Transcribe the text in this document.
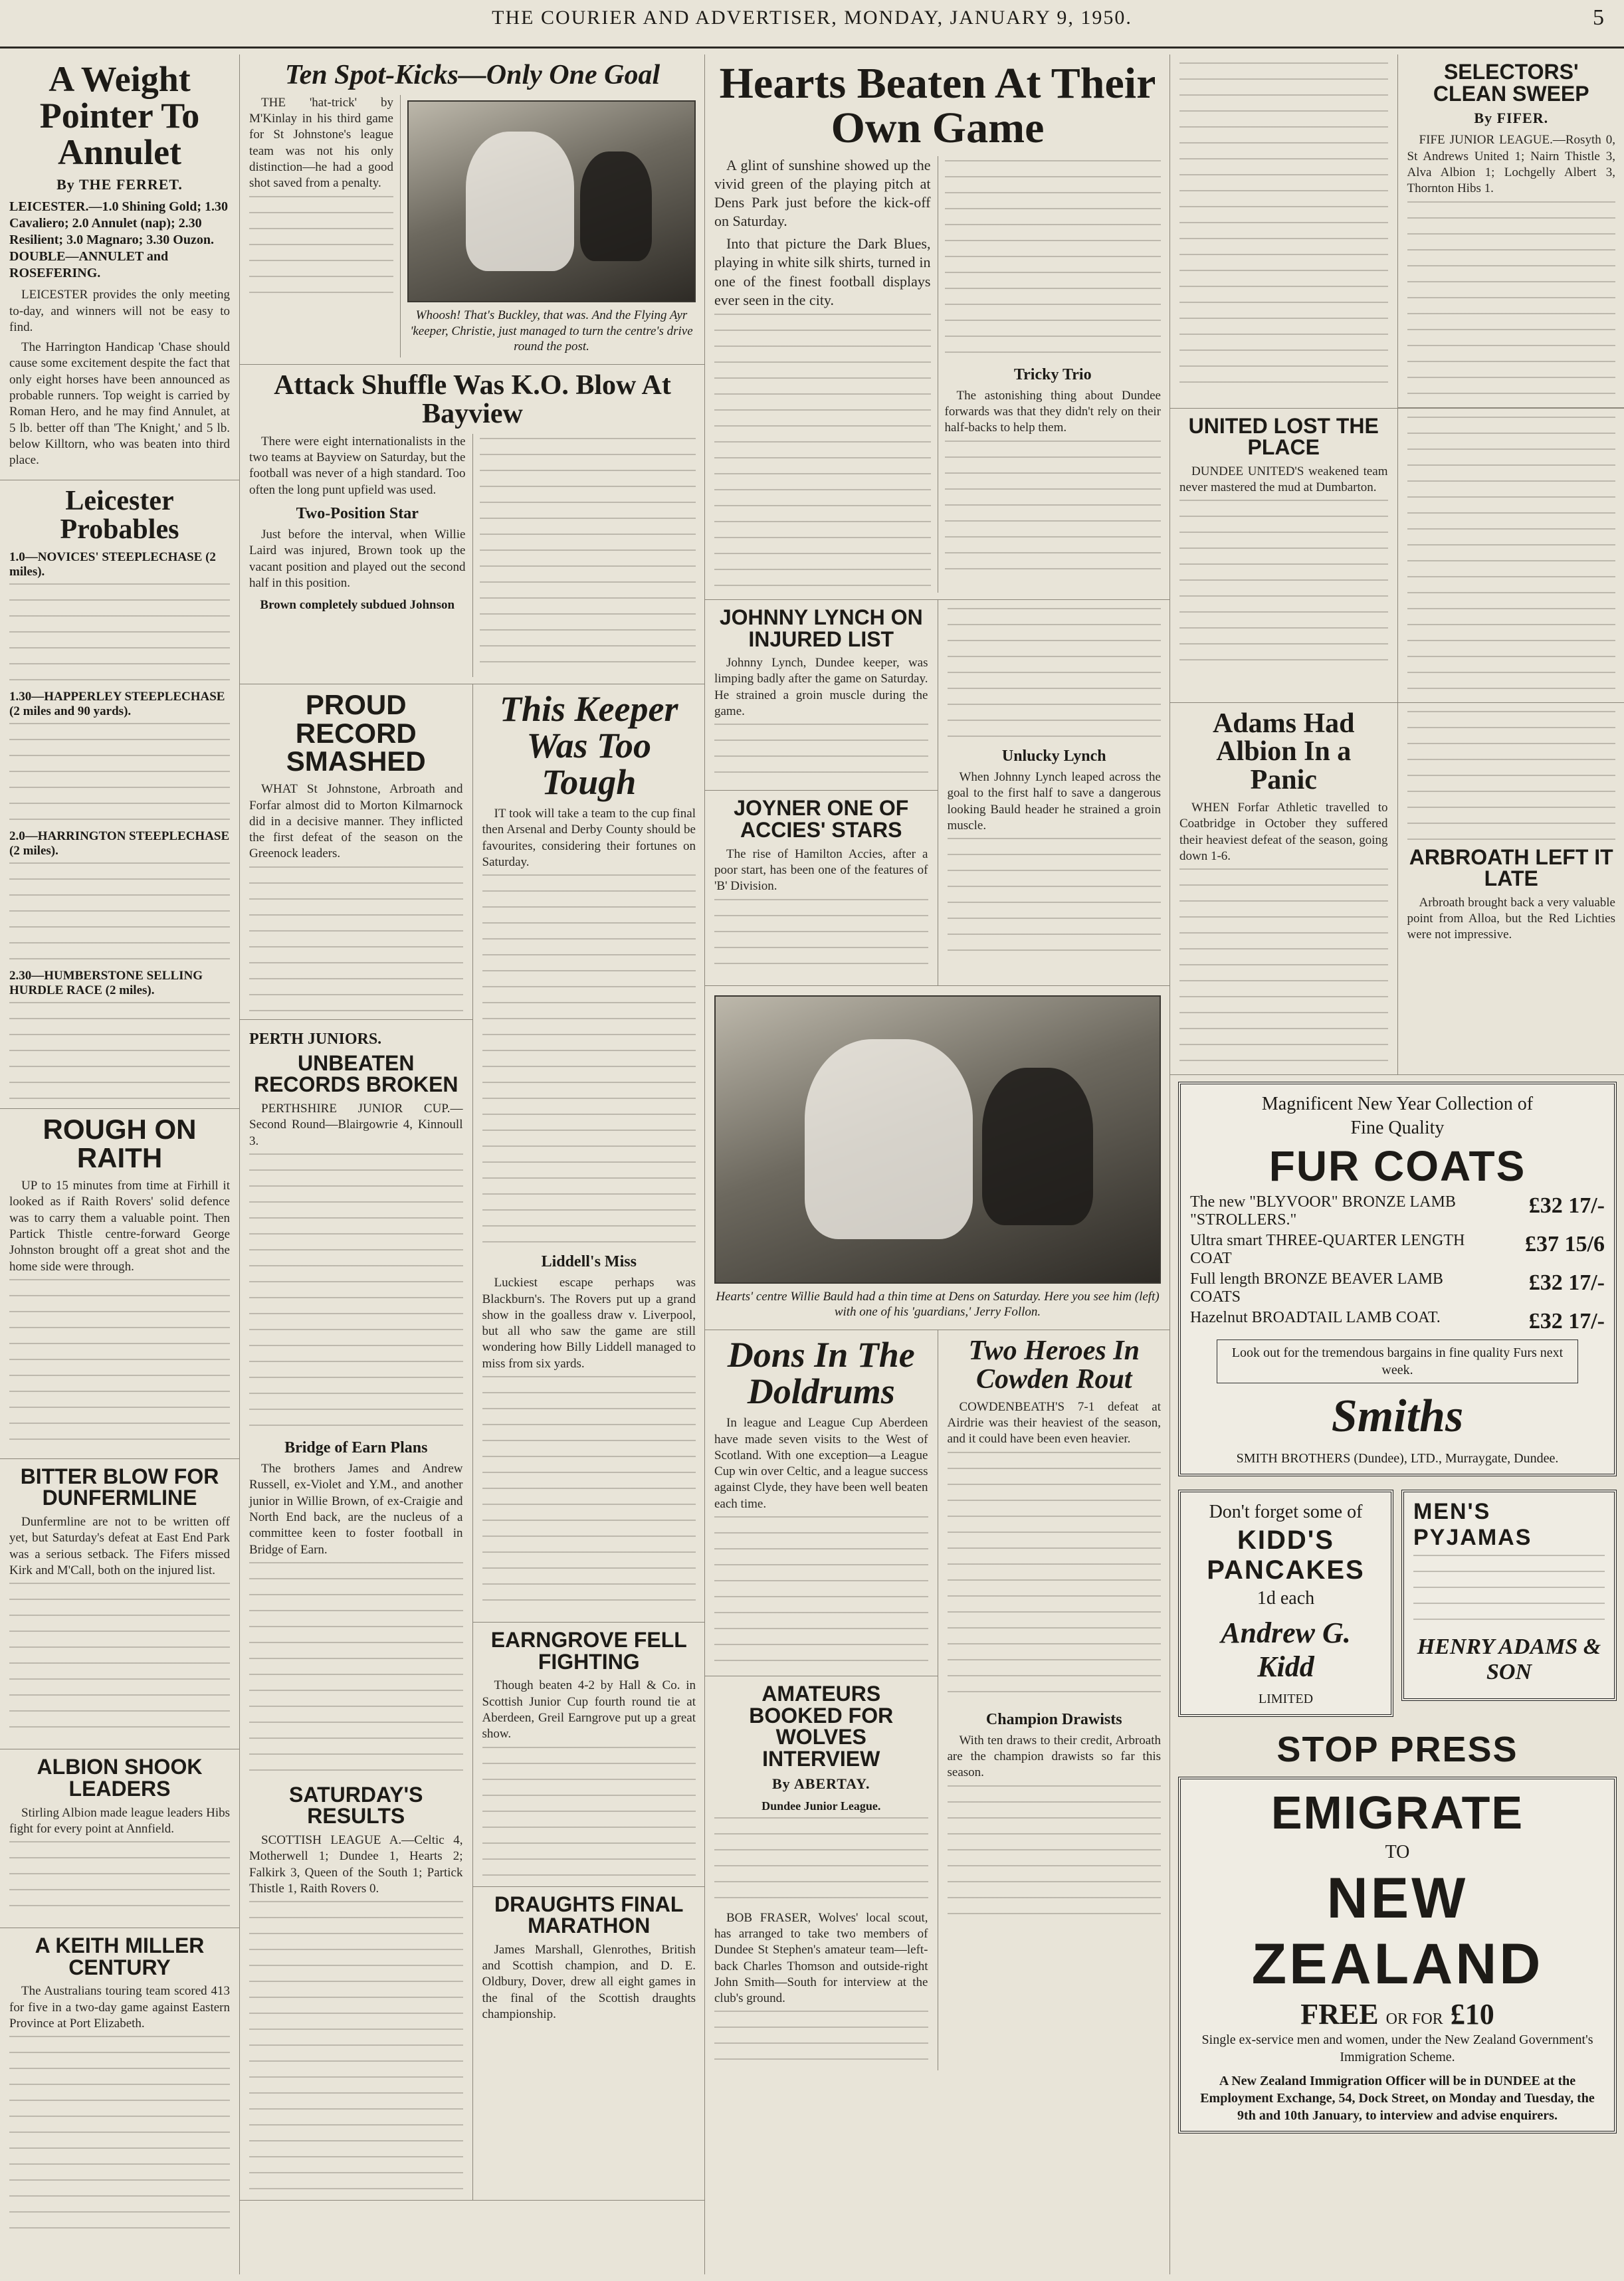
THE COURIER AND ADVERTISER, MONDAY, JANUARY 9, 1950.	5
A Weight Pointer To Annulet
By THE FERRET.
LEICESTER.—1.0 Shining Gold; 1.30 Cavaliero; 2.0 Annulet (nap); 2.30 Resilient; 3.0 Magnaro; 3.30 Ouzon. DOUBLE—ANNULET and ROSEFERING.

LEICESTER provides the only meeting to-day, and winners will not be easy to find.

The Harrington Handicap 'Chase should cause some excitement despite the fact that only eight horses have been announced as probable runners. Top weight is carried by Roman Hero, and he may find Annulet, at 5 lb. better off than 'The Knight,' and 5 lb. below Killtorn, who was beaten into third place.

Leicester Probables
1.0—NOVICES' STEEPLECHASE (2 miles).
1.30—HAPPERLEY STEEPLECHASE (2 miles and 90 yards).
2.0—HARRINGTON STEEPLECHASE (2 miles).
2.30—HUMBERSTONE SELLING HURDLE RACE (2 miles).
ROUGH ON RAITH

UP to 15 minutes from time at Firhill it looked as if Raith Rovers' solid defence was to carry them a valuable point. Then Partick Thistle centre-forward George Johnston brought off a great shot and the home side were through.

BITTER BLOW FOR DUNFERMLINE

Dunfermline are not to be written off yet, but Saturday's defeat at East End Park was a serious setback. The Fifers missed Kirk and M'Call, both on the injured list.

ALBION SHOOK LEADERS

Stirling Albion made league leaders Hibs fight for every point at Annfield.

A KEITH MILLER CENTURY

The Australians touring team scored 413 for five in a two-day game against Eastern Province at Port Elizabeth.

Ten Spot-Kicks—Only One Goal

THE 'hat-trick' by M'Kinlay in his third game for St Johnstone's league team was not his only distinction—he had a good shot saved from a penalty.

Whoosh! That's Buckley, that was. And the Flying Ayr 'keeper, Christie, just managed to turn the centre's drive round the post.
Attack Shuffle Was K.O. Blow At Bayview

There were eight internationalists in the two teams at Bayview on Saturday, but the football was never of a high standard. Too often the long punt upfield was used.

Two-Position Star

Just before the interval, when Willie Laird was injured, Brown took up the vacant position and played out the second half in this position.

Brown completely subdued Johnson
PROUD RECORD SMASHED

WHAT St Johnstone, Arbroath and Forfar almost did to Morton Kilmarnock did in a decisive manner. They inflicted the first defeat of the season on the Greenock leaders.

PERTH JUNIORS.
UNBEATEN RECORDS BROKEN

PERTHSHIRE JUNIOR CUP.—Second Round—Blairgowrie 4, Kinnoull 3.

Bridge of Earn Plans

The brothers James and Andrew Russell, ex-Violet and Y.M., and another junior in Willie Brown, of ex-Craigie and North End back, are the nucleus of a committee keen to foster football in Bridge of Earn.

SATURDAY'S RESULTS

SCOTTISH LEAGUE A.—Celtic 4, Motherwell 1; Dundee 1, Hearts 2; Falkirk 3, Queen of the South 1; Partick Thistle 1, Raith Rovers 0.

This Keeper Was Too Tough

IT took will take a team to the cup final then Arsenal and Derby County should be favourites, considering their fortunes on Saturday.

Liddell's Miss

Luckiest escape perhaps was Blackburn's. The Rovers put up a grand show in the goalless draw v. Liverpool, but all who saw the game are still wondering how Billy Liddell managed to miss from six yards.

EARNGROVE FELL FIGHTING

Though beaten 4-2 by Hall & Co. in Scottish Junior Cup fourth round tie at Aberdeen, Greil Earngrove put up a great show.

DRAUGHTS FINAL MARATHON

James Marshall, Glenrothes, British and Scottish champion, and D. E. Oldbury, Dover, drew all eight games in the final of the Scottish draughts championship.

Hearts Beaten At Their Own Game

A glint of sunshine showed up the vivid green of the playing pitch at Dens Park just before the kick-off on Saturday.

Into that picture the Dark Blues, playing in white silk shirts, turned in one of the finest football displays ever seen in the city.

Tricky Trio

The astonishing thing about Dundee forwards was that they didn't rely on their half-backs to help them.

JOHNNY LYNCH ON INJURED LIST

Johnny Lynch, Dundee keeper, was limping badly after the game on Saturday. He strained a groin muscle during the game.

JOYNER ONE OF ACCIES' STARS

The rise of Hamilton Accies, after a poor start, has been one of the features of 'B' Division.

Unlucky Lynch

When Johnny Lynch leaped across the goal to the first half to save a dangerous looking Bauld header he strained a groin muscle.

Hearts' centre Willie Bauld had a thin time at Dens on Saturday. Here you see him (left) with one of his 'guardians,' Jerry Follon.
Dons In The Doldrums

In league and League Cup Aberdeen have made seven visits to the West of Scotland. With one exception—a League Cup win over Celtic, and a league success against Clyde, they have been well beaten each time.

AMATEURS BOOKED FOR WOLVES INTERVIEW
By ABERTAY.
Dundee Junior League.

BOB FRASER, Wolves' local scout, has arranged to take two members of Dundee St Stephen's amateur team—left-back Charles Thomson and outside-right John Smith—South for interview at the club's ground.

Two Heroes In Cowden Rout

COWDENBEATH'S 7-1 defeat at Airdrie was their heaviest of the season, and it could have been even heavier.

Champion Drawists

With ten draws to their credit, Arbroath are the champion drawists so far this season.

SELECTORS' CLEAN SWEEP
By FIFER.

FIFE JUNIOR LEAGUE.—Rosyth 0, St Andrews United 1; Nairn Thistle 3, Alva Albion 1; Lochgelly Albert 3, Thornton Hibs 1.

UNITED LOST THE PLACE

DUNDEE UNITED'S weakened team never mastered the mud at Dumbarton.

Adams Had Albion In a Panic

WHEN Forfar Athletic travelled to Coatbridge in October they suffered their heaviest defeat of the season, going down 1-6.	ARBROATH LEFT IT LATE

Arbroath brought back a very valuable point from Alloa, but the Red Lichties were not impressive.

Magnificent New Year Collection of
Fine Quality
FUR COATS
The new "BLYVOOR" BRONZE LAMB "STROLLERS."
£32 17/-
Ultra smart THREE-QUARTER LENGTH COAT
£37 15/6
Full length BRONZE BEAVER LAMB COATS
£32 17/-
Hazelnut BROADTAIL LAMB COAT.	£32 17/-
Look out for the tremendous bargains in fine quality Furs next week.
Smiths
SMITH BROTHERS (Dundee), LTD., Murraygate, Dundee.
Don't forget some of
KIDD'S PANCAKES
1d each
Andrew G. Kidd
LIMITED
MEN'S PYJAMAS
HENRY ADAMS & SON
STOP PRESS
EMIGRATE
TO
NEW ZEALAND
FREE OR FOR £10
Single ex-service men and women, under the New Zealand Government's Immigration Scheme.
A New Zealand Immigration Officer will be in DUNDEE at the Employment Exchange, 54, Dock Street, on Monday and Tuesday, the 9th and 10th January, to interview and advise enquirers.
